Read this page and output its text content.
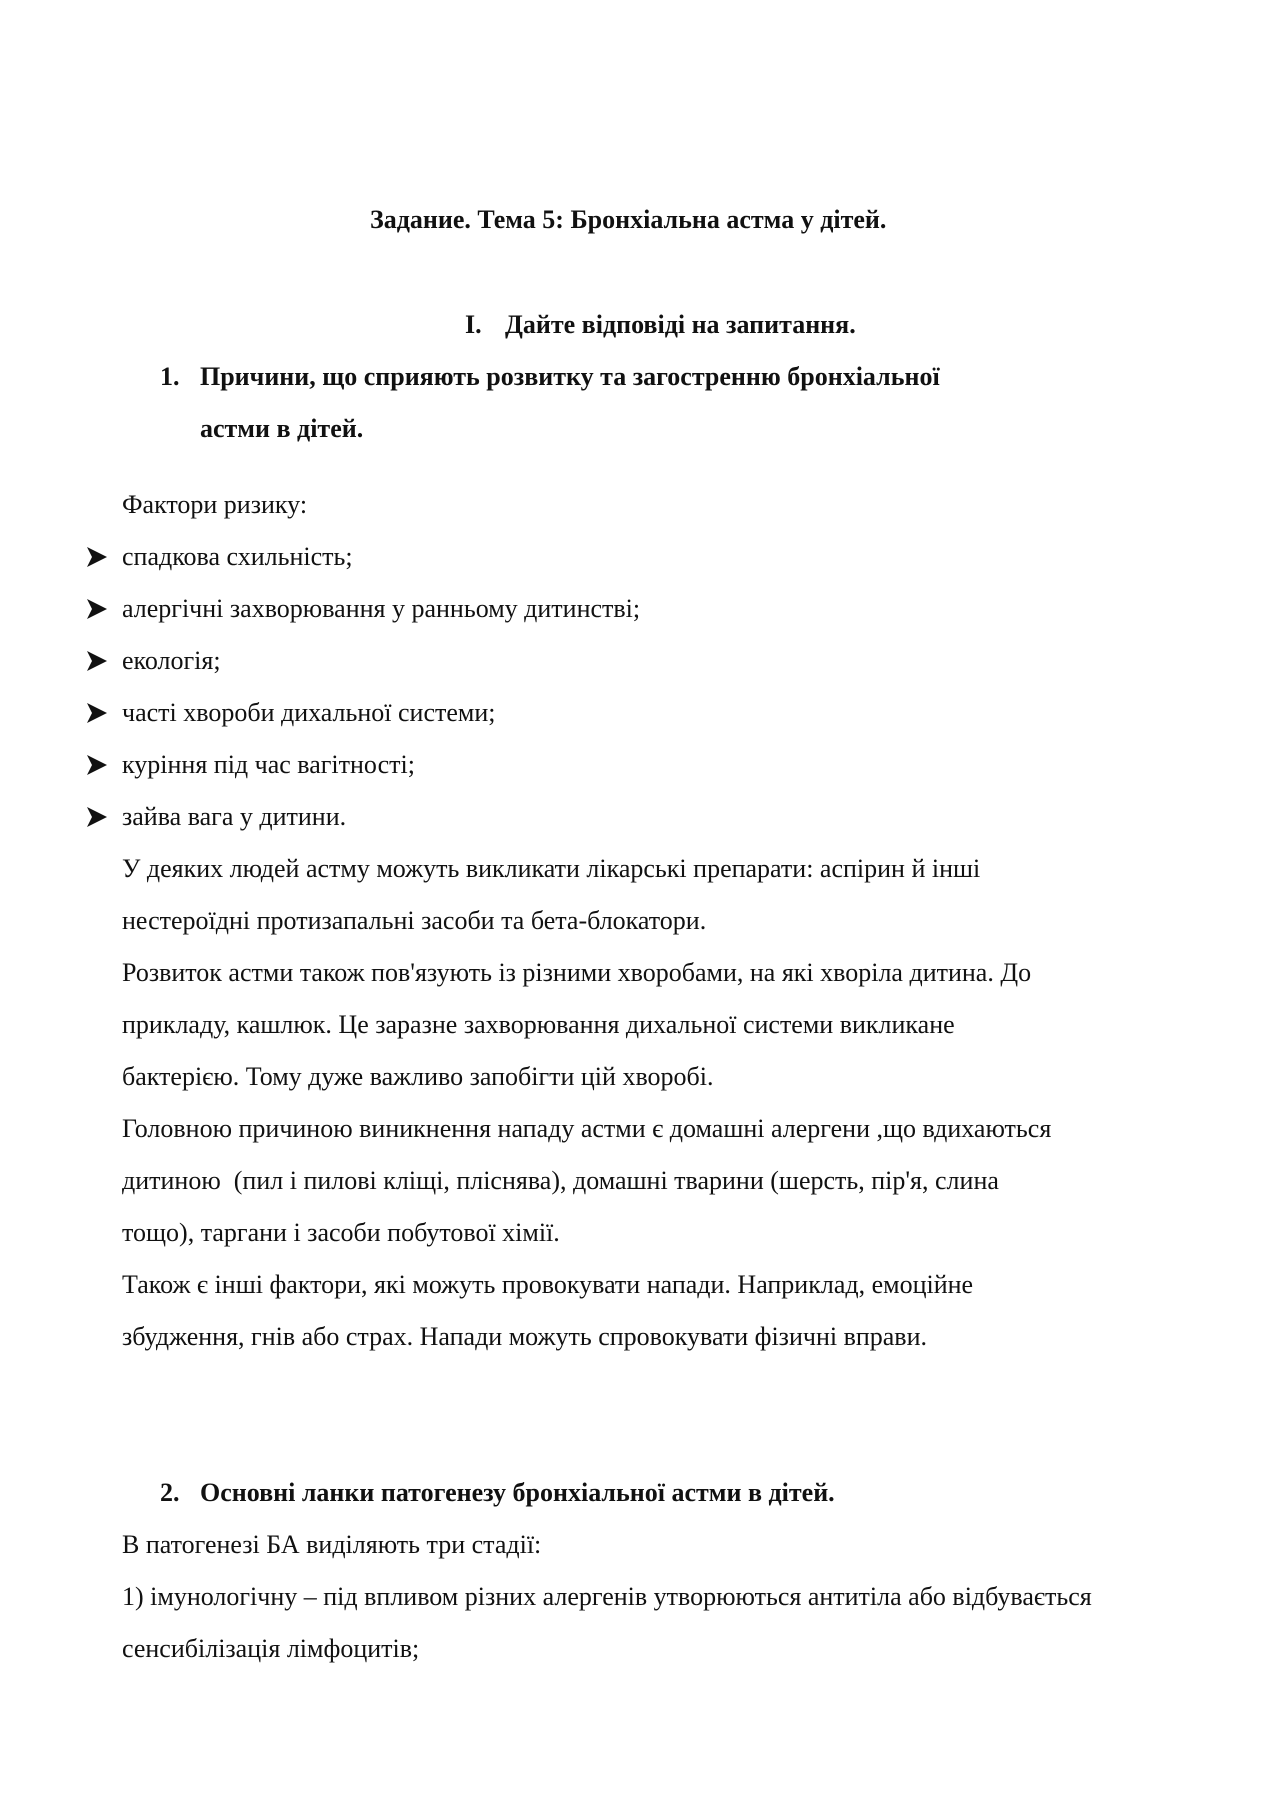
Задание. Тема 5: Бронхіальна астма у дітей.
I. Дайте відповіді на запитання.
1. Причини, що сприяють розвитку та загостренню бронхіальної
астми в дітей.
Фактори ризику:
спадкова схильність;
алергічні захворювання у ранньому дитинстві;
екологія;
часті хвороби дихальної системи;
куріння під час вагітності;
зайва вага у дитини.
У деяких людей астму можуть викликати лікарські препарати: аспірин й інші
нестероїдні протизапальні засоби та бета-блокатори.
Розвиток астми також пов'язують із різними хворобами, на які хворіла дитина. До
прикладу, кашлюк. Це заразне захворювання дихальної системи викликане
бактерією. Тому дуже важливо запобігти цій хворобі.
Головною причиною виникнення нападу астми є домашні алергени ,що вдихаються
дитиною  (пил і пилові кліщі, пліснява), домашні тварини (шерсть, пір'я, слина
тощо), таргани і засоби побутової хімії.
Також є інші фактори, які можуть провокувати напади. Наприклад, емоційне
збудження, гнів або страх. Напади можуть спровокувати фізичні вправи.
2. Основні ланки патогенезу бронхіальної астми в дітей.
В патогенезі БА виділяють три стадії:
1) імунологічну – під впливом різних алергенів утворюються антитіла або відбувається
сенсибілізація лімфоцитів;
